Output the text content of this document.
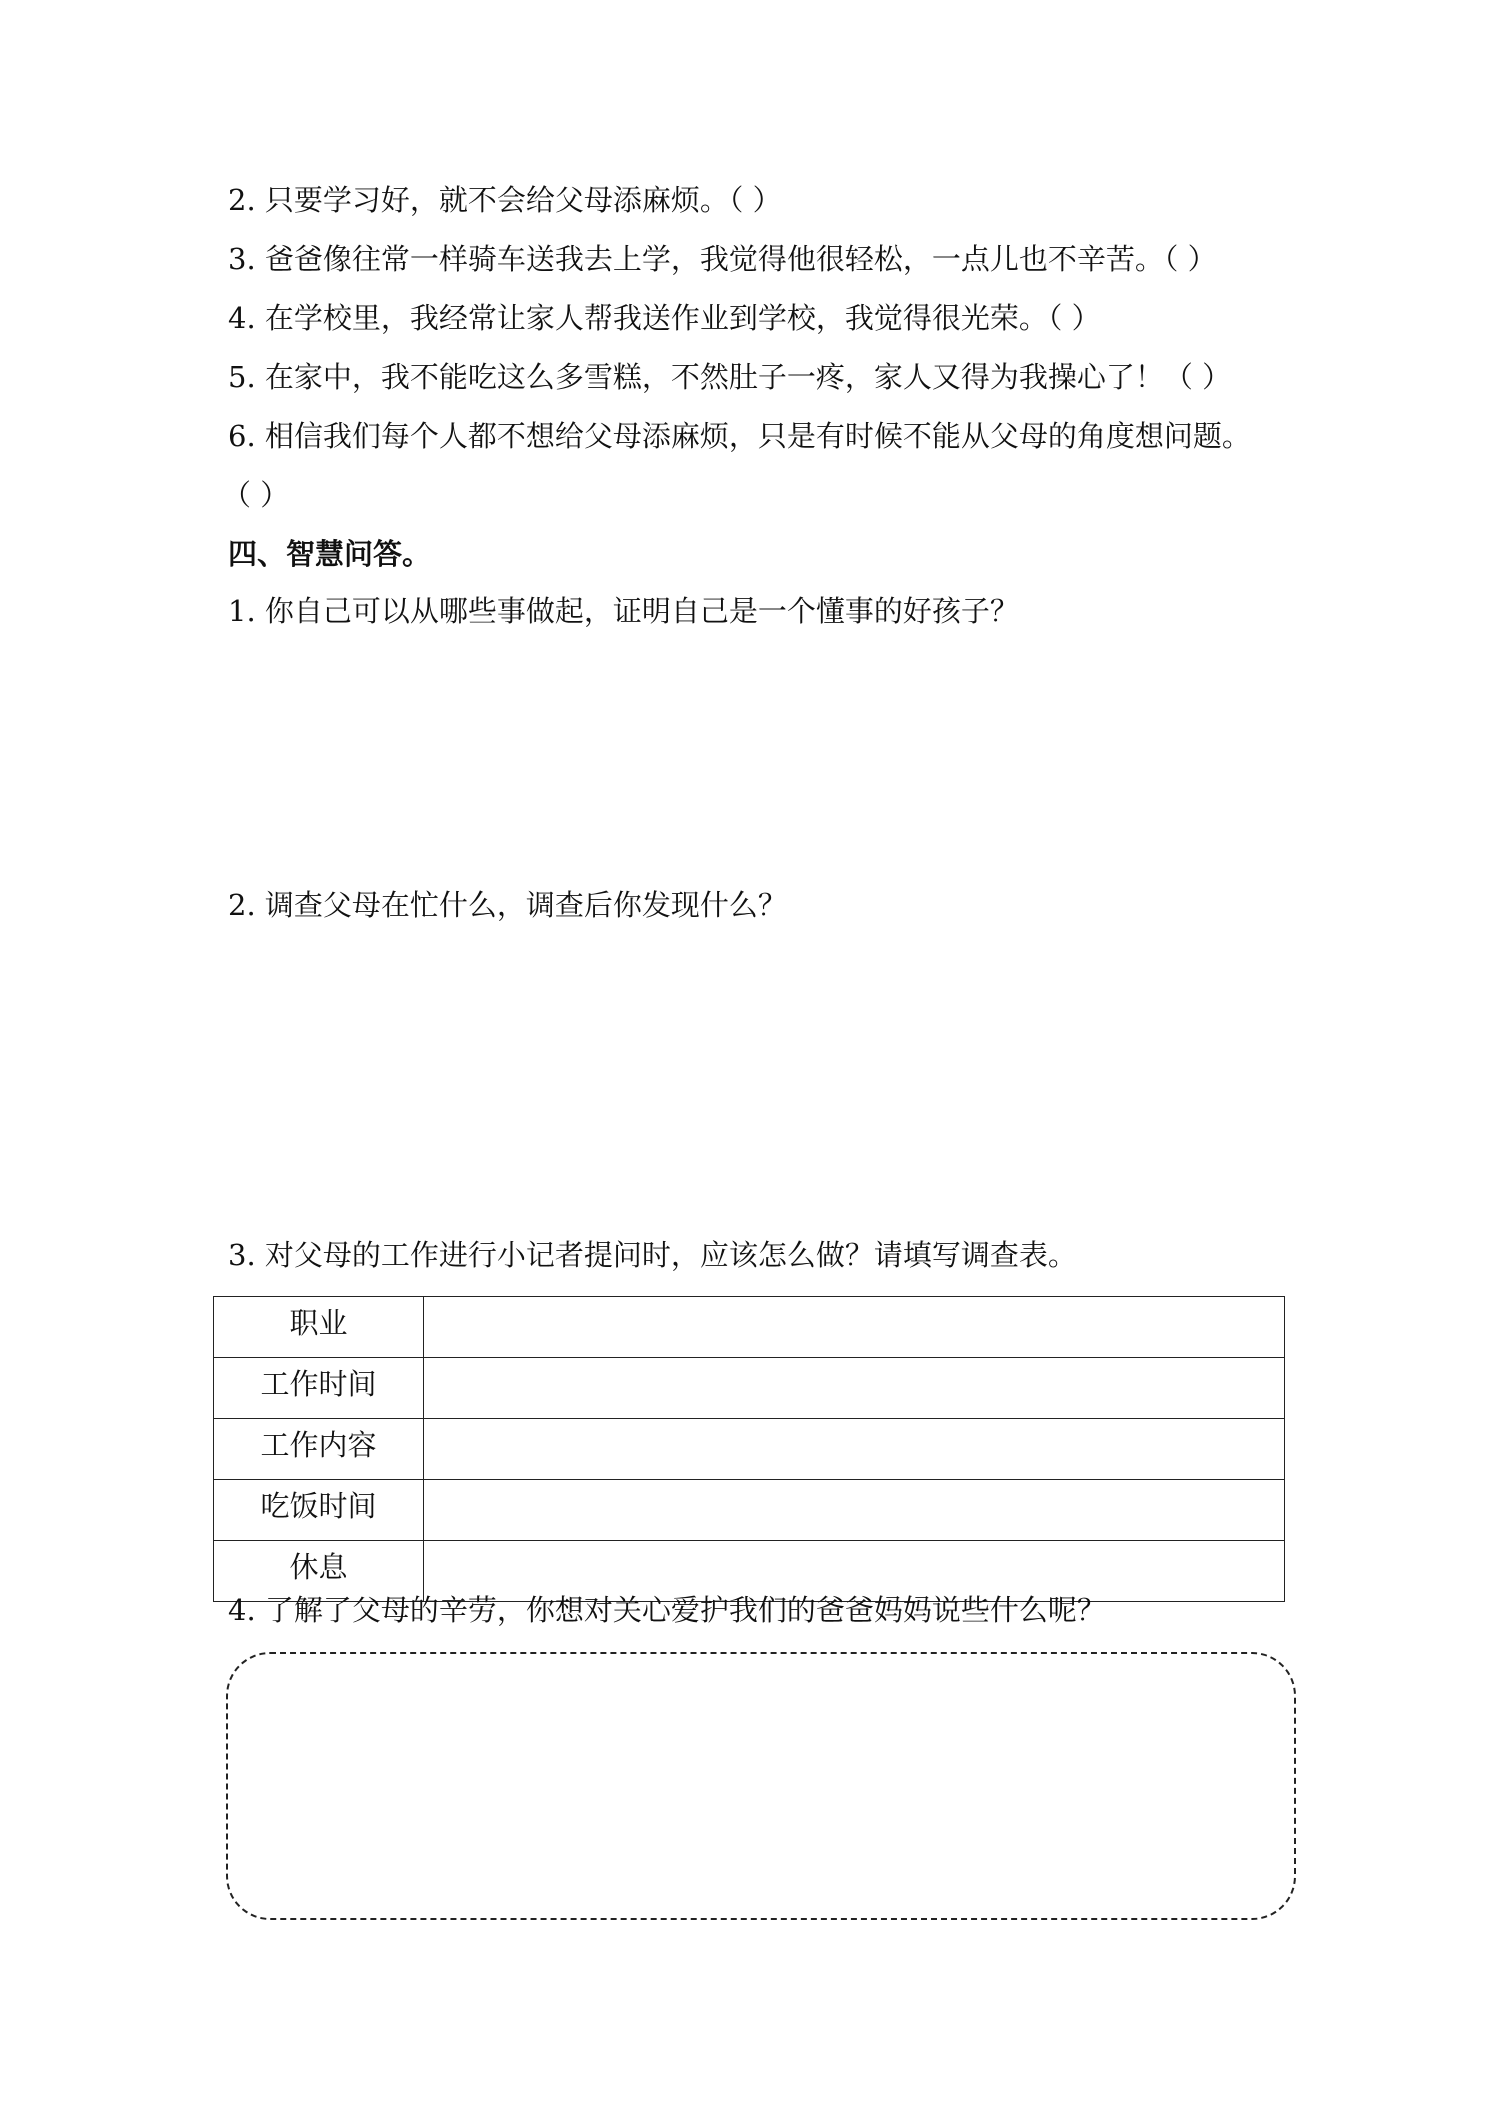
2. 只要学习好，就不会给父母添麻烦。（ ）
3. 爸爸像往常一样骑车送我去上学，我觉得他很轻松，一点儿也不辛苦。（ ）
4. 在学校里，我经常让家人帮我送作业到学校，我觉得很光荣。（ ）
5. 在家中，我不能吃这么多雪糕，不然肚子一疼，家人又得为我操心了！（ ）
6. 相信我们每个人都不想给父母添麻烦，只是有时候不能从父母的角度想问题。
（ ）
四、智慧问答。
1. 你自己可以从哪些事做起，证明自己是一个懂事的好孩子？
2. 调查父母在忙什么，调查后你发现什么？
3. 对父母的工作进行小记者提问时，应该怎么做？请填写调查表。
职业	
工作时间	
工作内容	
吃饭时间	
休息	
4. 了解了父母的辛劳，你想对关心爱护我们的爸爸妈妈说些什么呢？
